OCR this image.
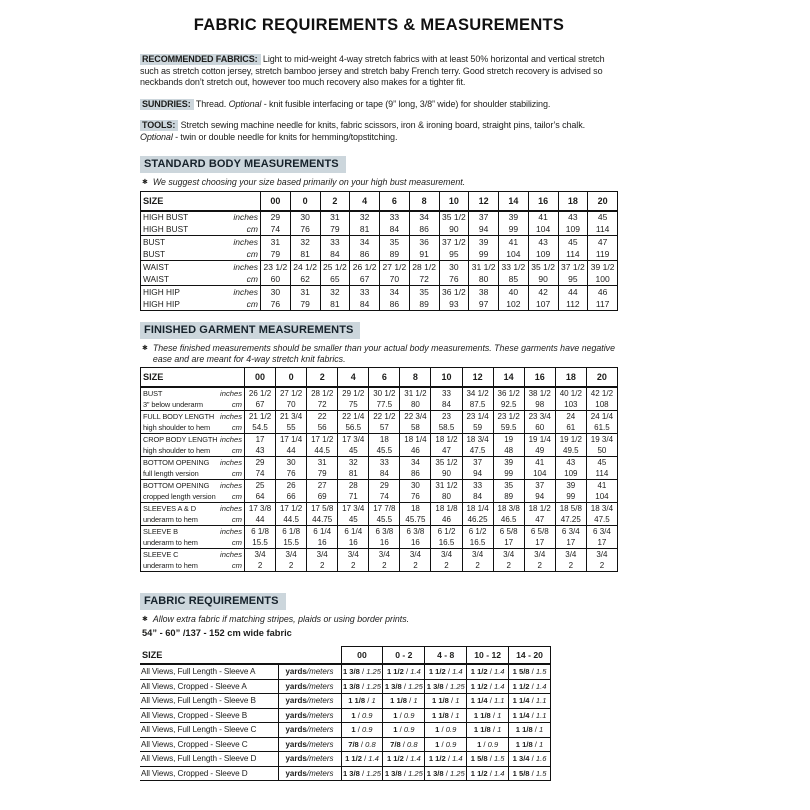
FABRIC REQUIREMENTS & MEASUREMENTS

RECOMMENDED FABRICS: Light to mid-weight 4-way stretch fabrics with at least 50% horizontal and vertical stretch such as stretch cotton jersey, stretch bamboo jersey and stretch baby French terry. Good stretch recovery is advised so neckbands don’t stretch out, however too much recovery also makes for a tighter fit.

SUNDRIES: Thread. Optional - knit fusible interfacing or tape (9” long, 3/8” wide) for shoulder stabilizing.

TOOLS: Stretch sewing machine needle for knits, fabric scissors, iron & ironing board, straight pins, tailor’s chalk. Optional - twin or double needle for knits for hemming/topstitching.

STANDARD BODY MEASUREMENTS
✱ We suggest choosing your size based primarily on your high bust measurement.
SIZE	00	0	2	4	6	8	10	12	14	16	18	20

HIGH BUST inches	29	30	31	32	33	34	35 1/2	37	39	41	43	45

HIGH BUST cm	74	76	79	81	84	86	90	94	99	104	109	114

BUST inches	31	32	33	34	35	36	37 1/2	39	41	43	45	47

BUST cm	79	81	84	86	89	91	95	99	104	109	114	119

WAIST inches	23 1/2	24 1/2	25 1/2	26 1/2	27 1/2	28 1/2	30	31 1/2	33 1/2	35 1/2	37 1/2	39 1/2

WAIST cm	60	62	65	67	70	72	76	80	85	90	95	100

HIGH HIP inches	30	31	32	33	34	35	36 1/2	38	40	42	44	46

HIGH HIP cm	76	79	81	84	86	89	93	97	102	107	112	117
FINISHED GARMENT MEASUREMENTS
✱ These finished measurements should be smaller than your actual body measurements. These garments have negative ease and are meant for 4-way stretch knit fabrics.
SIZE	00	0	2	4	6	8	10	12	14	16	18	20

BUST inches	26 1/2	27 1/2	28 1/2	29 1/2	30 1/2	31 1/2	33	34 1/2	36 1/2	38 1/2	40 1/2	42 1/2

3” below underarm cm	67	70	72	75	77.5	80	84	87.5	92.5	98	103	108

FULL BODY LENGTH inches	21 1/2	21 3/4	22	22 1/4	22 1/2	22 3/4	23	23 1/4	23 1/2	23 3/4	24	24 1/4

high shoulder to hem cm	54.5	55	56	56.5	57	58	58.5	59	59.5	60	61	61.5

CROP BODY LENGTH inches	17	17 1/4	17 1/2	17 3/4	18	18 1/4	18 1/2	18 3/4	19	19 1/4	19 1/2	19 3/4

high shoulder to hem cm	43	44	44.5	45	45.5	46	47	47.5	48	49	49.5	50

BOTTOM OPENING inches	29	30	31	32	33	34	35 1/2	37	39	41	43	45

full length version cm	74	76	79	81	84	86	90	94	99	104	109	114

BOTTOM OPENING inches	25	26	27	28	29	30	31 1/2	33	35	37	39	41

cropped length version cm	64	66	69	71	74	76	80	84	89	94	99	104

SLEEVES A & D inches	17 3/8	17 1/2	17 5/8	17 3/4	17 7/8	18	18 1/8	18 1/4	18 3/8	18 1/2	18 5/8	18 3/4

underarm to hem cm	44	44.5	44.75	45	45.5	45.75	46	46.25	46.5	47	47.25	47.5

SLEEVE B inches	6 1/8	6 1/8	6 1/4	6 1/4	6 3/8	6 3/8	6 1/2	6 1/2	6 5/8	6 5/8	6 3/4	6 3/4

underarm to hem cm	15.5	15.5	16	16	16	16	16.5	16.5	17	17	17	17

SLEEVE C inches	3/4	3/4	3/4	3/4	3/4	3/4	3/4	3/4	3/4	3/4	3/4	3/4

underarm to hem cm	2	2	2	2	2	2	2	2	2	2	2	2
FABRIC REQUIREMENTS
✱ Allow extra fabric if matching stripes, plaids or using border prints.
54” - 60” /137 - 152 cm wide fabric
SIZE		00	0 - 2	4 - 8	10 - 12	14 - 20
All Views, Full Length - Sleeve A	yards/meters	1 3/8 / 1.25	1 1/2 / 1.4	1 1/2 / 1.4	1 1/2 / 1.4	1 5/8 / 1.5
All Views, Cropped - Sleeve A	yards/meters	1 3/8 / 1.25	1 3/8 / 1.25	1 3/8 / 1.25	1 1/2 / 1.4	1 1/2 / 1.4
All Views, Full Length - Sleeve B	yards/meters	1 1/8 / 1	1 1/8 / 1	1 1/8 / 1	1 1/4 / 1.1	1 1/4 / 1.1
All Views, Cropped - Sleeve B	yards/meters	1 / 0.9	1 / 0.9	1 1/8 / 1	1 1/8 / 1	1 1/4 / 1.1
All Views, Full Length - Sleeve C	yards/meters	1 / 0.9	1 / 0.9	1 / 0.9	1 1/8 / 1	1 1/8 / 1
All Views, Cropped - Sleeve C	yards/meters	7/8 / 0.8	7/8 / 0.8	1 / 0.9	1 / 0.9	1 1/8 / 1
All Views, Full Length - Sleeve D	yards/meters	1 1/2 / 1.4	1 1/2 / 1.4	1 1/2 / 1.4	1 5/8 / 1.5	1 3/4 / 1.6
All Views, Cropped - Sleeve D	yards/meters	1 3/8 / 1.25	1 3/8 / 1.25	1 3/8 / 1.25	1 1/2 / 1.4	1 5/8 / 1.5
